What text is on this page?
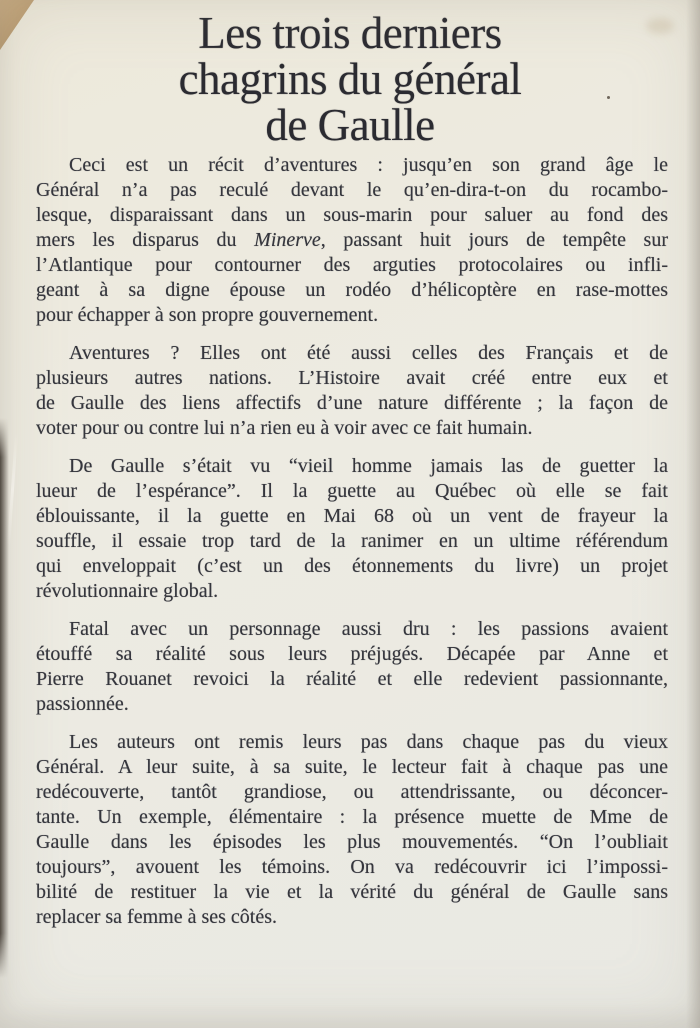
Les trois derniers
chagrins du général
de Gaulle
Ceci est un récit d’aventures : jusqu’en son grand âge le
Général n’a pas reculé devant le qu’en-dira-t-on du rocambo-
lesque, disparaissant dans un sous-marin pour saluer au fond des
mers les disparus du Minerve, passant huit jours de tempête sur
l’Atlantique pour contourner des arguties protocolaires ou infli-
geant à sa digne épouse un rodéo d’hélicoptère en rase-mottes
pour échapper à son propre gouvernement.
Aventures ? Elles ont été aussi celles des Français et de
plusieurs autres nations. L’Histoire avait créé entre eux et
de Gaulle des liens affectifs d’une nature différente ; la façon de
voter pour ou contre lui n’a rien eu à voir avec ce fait humain.
De Gaulle s’était vu “vieil homme jamais las de guetter la
lueur de l’espérance”. Il la guette au Québec où elle se fait
éblouissante, il la guette en Mai 68 où un vent de frayeur la
souffle, il essaie trop tard de la ranimer en un ultime référendum
qui enveloppait (c’est un des étonnements du livre) un projet
révolutionnaire global.
Fatal avec un personnage aussi dru : les passions avaient
étouffé sa réalité sous leurs préjugés. Décapée par Anne et
Pierre Rouanet revoici la réalité et elle redevient passionnante,
passionnée.
Les auteurs ont remis leurs pas dans chaque pas du vieux
Général. A leur suite, à sa suite, le lecteur fait à chaque pas une
redécouverte, tantôt grandiose, ou attendrissante, ou déconcer-
tante. Un exemple, élémentaire : la présence muette de Mme de
Gaulle dans les épisodes les plus mouvementés. “On l’oubliait
toujours”, avouent les témoins. On va redécouvrir ici l’impossi-
bilité de restituer la vie et la vérité du général de Gaulle sans
replacer sa femme à ses côtés.
